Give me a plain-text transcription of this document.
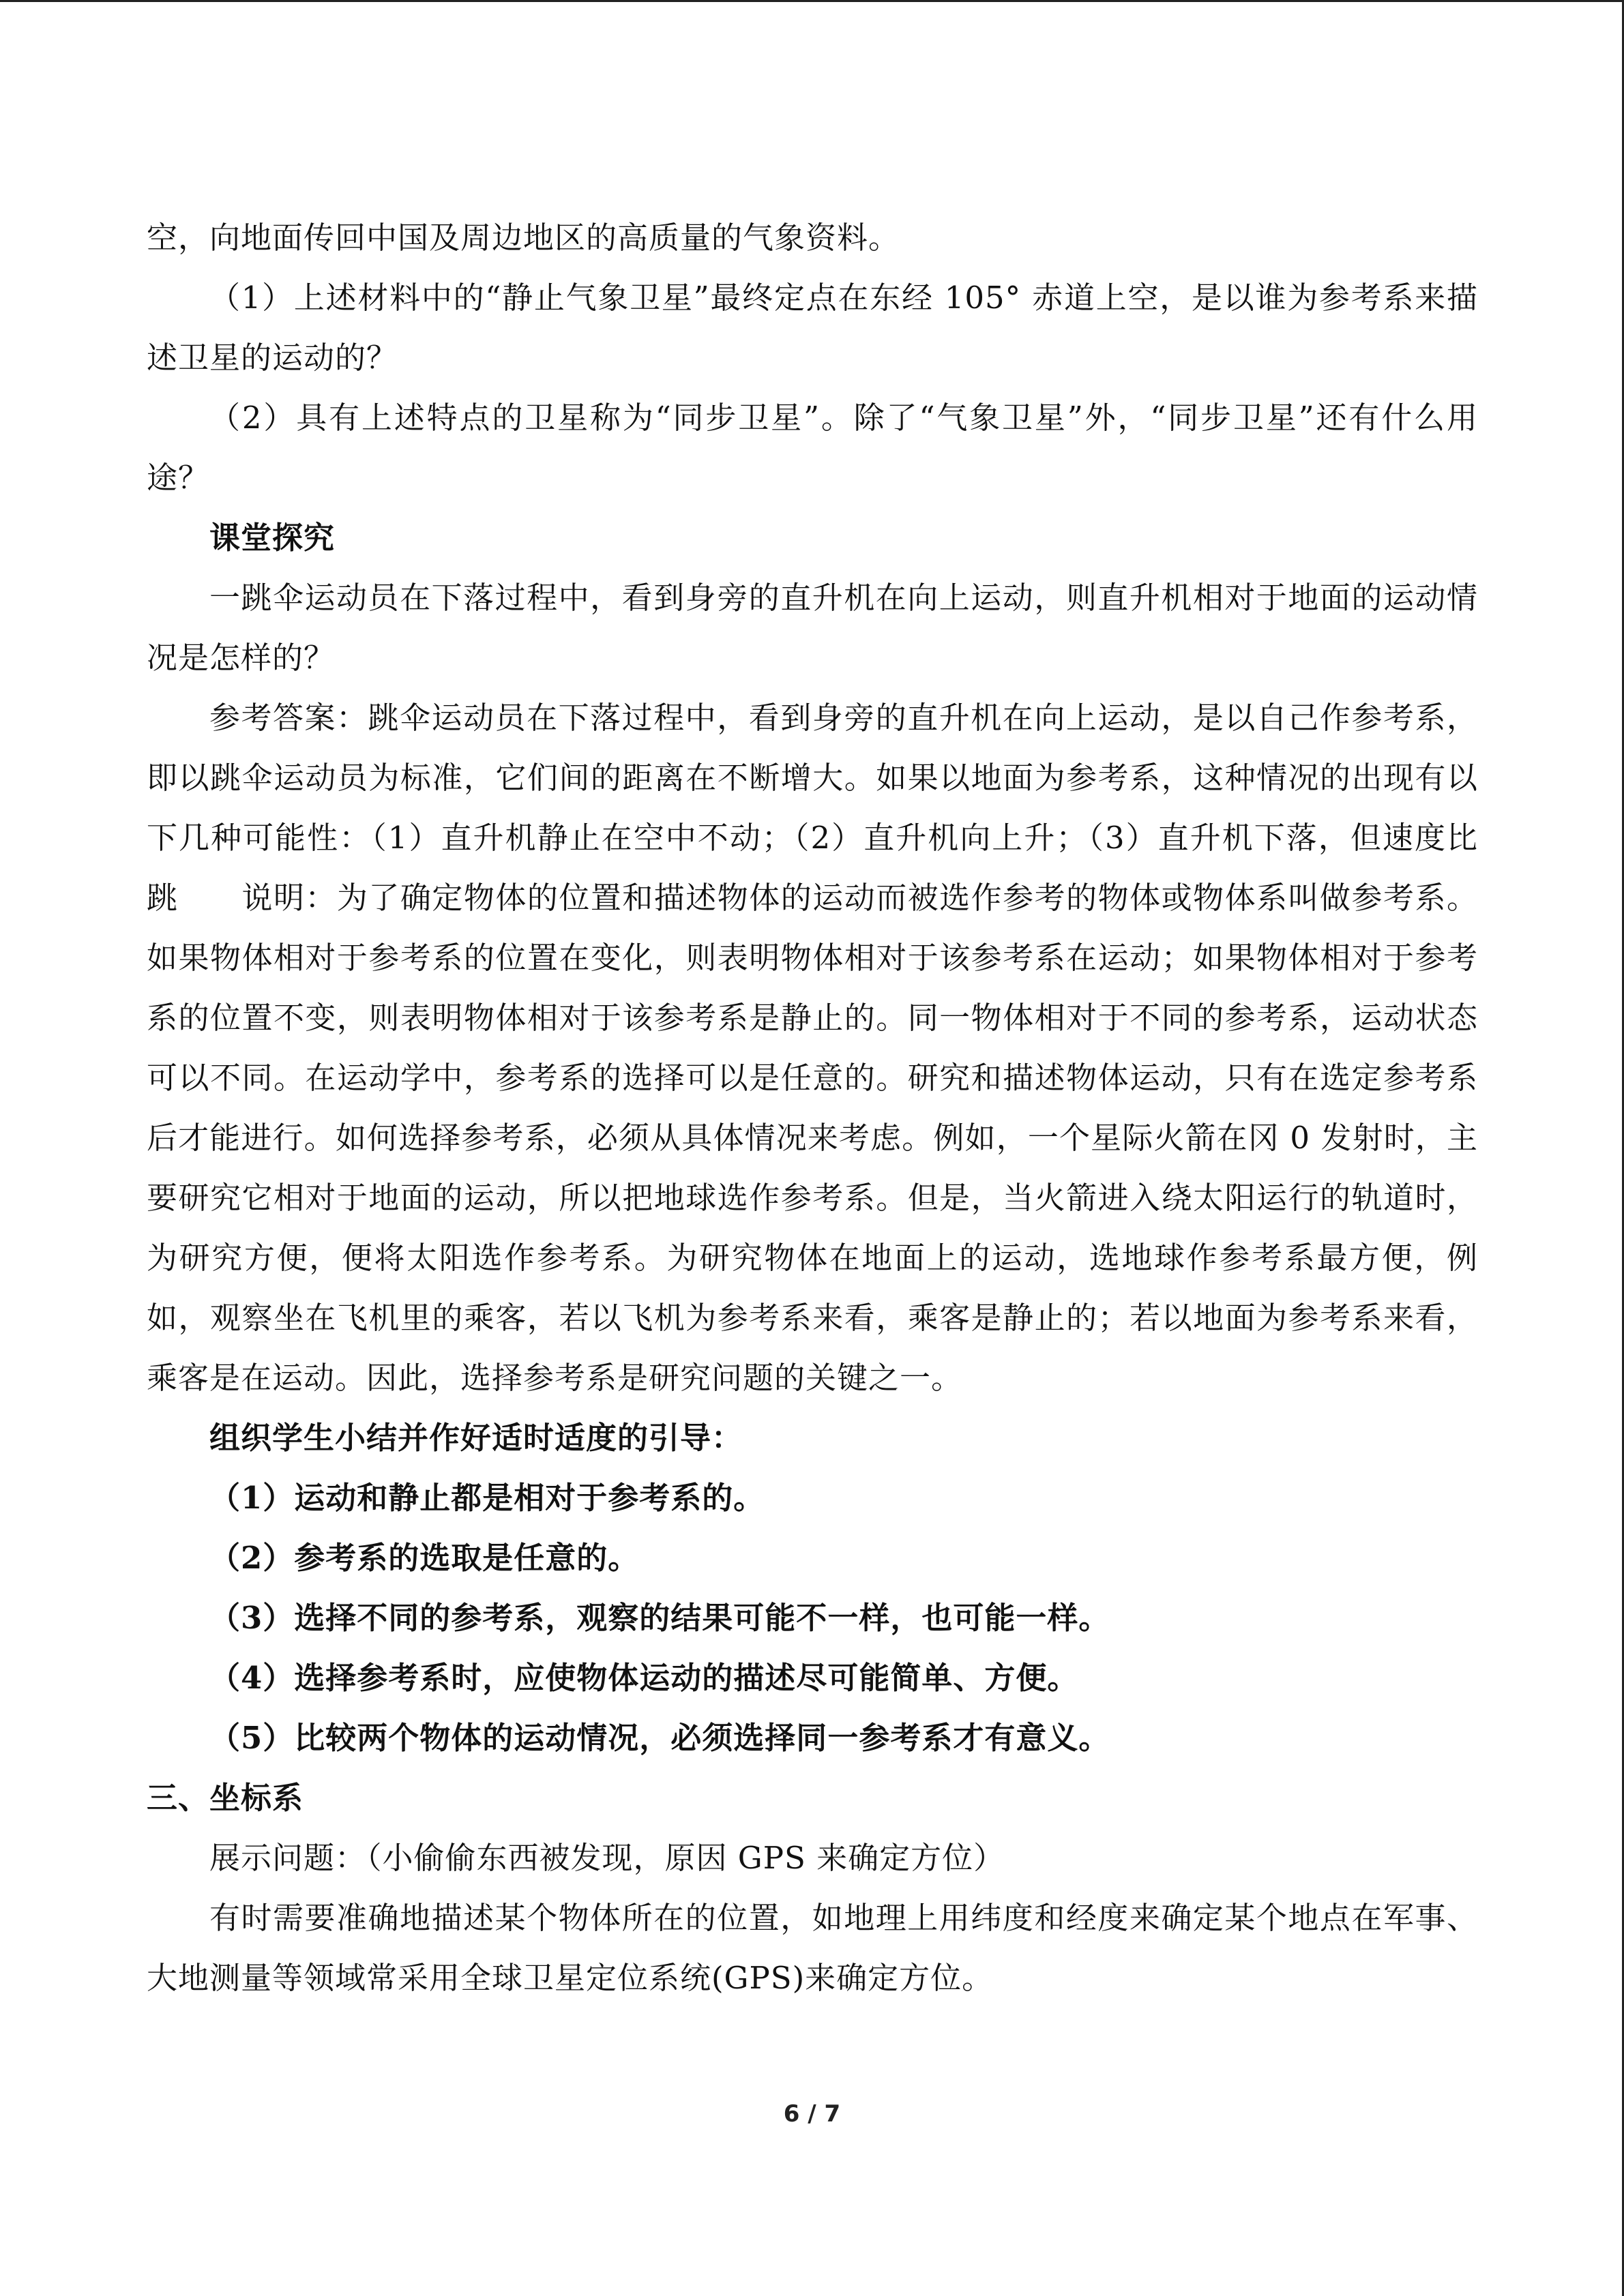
空，向地面传回中国及周边地区的高质量的气象资料。

（1）上述材料中的“静止气象卫星”最终定点在东经 105° 赤道上空，是以谁为参考系来描述卫星的运动的？

（2）具有上述特点的卫星称为“同步卫星”。除了“气象卫星”外，“同步卫星”还有什么用途？

课堂探究

一跳伞运动员在下落过程中，看到身旁的直升机在向上运动，则直升机相对于地面的运动情况是怎样的？

参考答案：跳伞运动员在下落过程中，看到身旁的直升机在向上运动，是以自己作参考系，即以跳伞运动员为标准，它们间的距离在不断增大。如果以地面为参考系，这种情况的出现有以下几种可能性：（1）直升机静止在空中不动；（2）直升机向上升；（3）直升机下落，但速度比跳　　说明：为了确定物体的位置和描述物体的运动而被选作参考的物体或物体系叫做参考系。如果物体相对于参考系的位置在变化，则表明物体相对于该参考系在运动；如果物体相对于参考系的位置不变，则表明物体相对于该参考系是静止的。同一物体相对于不同的参考系，运动状态可以不同。在运动学中，参考系的选择可以是任意的。研究和描述物体运动，只有在选定参考系后才能进行。如何选择参考系，必须从具体情况来考虑。例如，一个星际火箭在冈 0 发射时，主要研究它相对于地面的运动，所以把地球选作参考系。但是，当火箭进入绕太阳运行的轨道时，为研究方便，便将太阳选作参考系。为研究物体在地面上的运动，选地球作参考系最方便，例如，观察坐在飞机里的乘客，若以飞机为参考系来看，乘客是静止的；若以地面为参考系来看，乘客是在运动。因此，选择参考系是研究问题的关键之一。

组织学生小结并作好适时适度的引导：

（1）运动和静止都是相对于参考系的。

（2）参考系的选取是任意的。

（3）选择不同的参考系，观察的结果可能不一样，也可能一样。

（4）选择参考系时，应使物体运动的描述尽可能简单、方便。

（5）比较两个物体的运动情况，必须选择同一参考系才有意义。

三、坐标系

展示问题：（小偷偷东西被发现，原因 GPS 来确定方位）

有时需要准确地描述某个物体所在的位置，如地理上用纬度和经度来确定某个地点在军事、大地测量等领域常采用全球卫星定位系统(GPS)来确定方位。

6 / 7
